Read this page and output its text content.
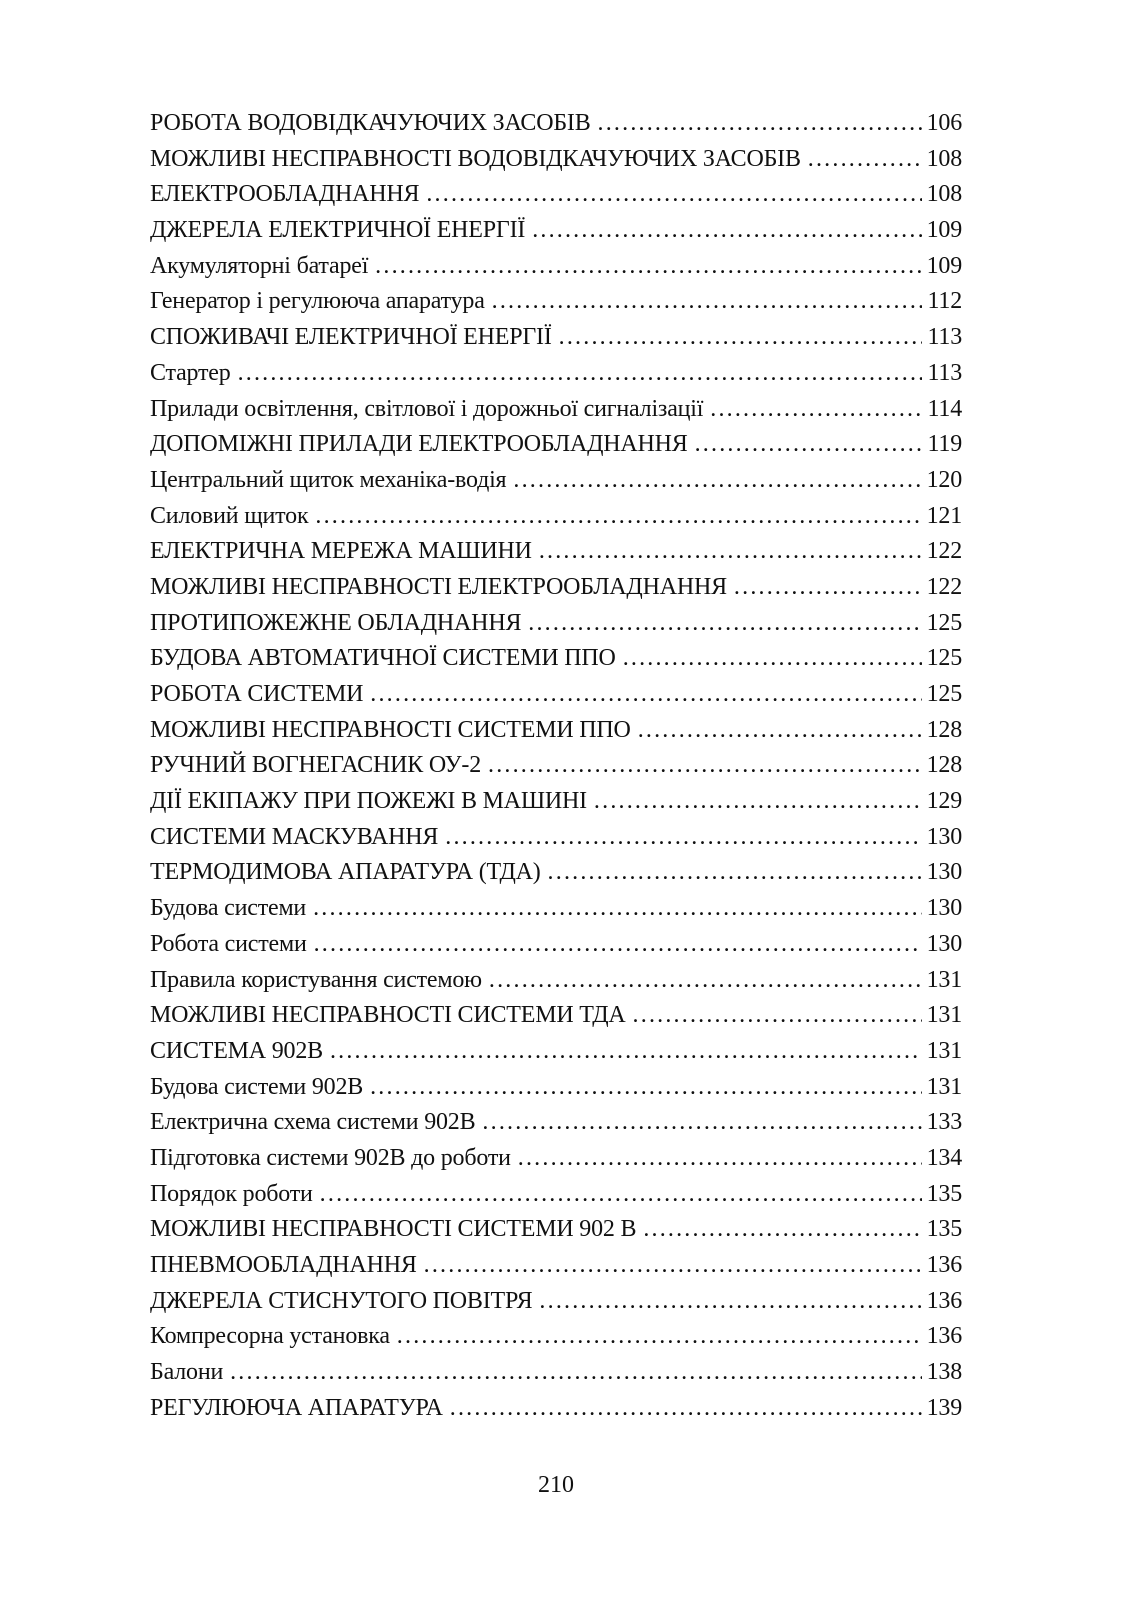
РОБОТА ВОДОВІДКАЧУЮЧИХ ЗАСОБІВ .....	106
МОЖЛИВІ НЕСПРАВНОСТІ ВОДОВІДКАЧУЮЧИХ ЗАСОБІВ .....	108
ЕЛЕКТРООБЛАДНАННЯ .....	108
ДЖЕРЕЛА ЕЛЕКТРИЧНОЇ ЕНЕРГІЇ .....	109
Акумуляторні батареї .....	109
Генератор і регулююча апаратура .....	112
СПОЖИВАЧІ ЕЛЕКТРИЧНОЇ ЕНЕРГІЇ .....	113
Стартер .....	113
Прилади освітлення, світлової і дорожньої сигналізації .....	114
ДОПОМІЖНІ ПРИЛАДИ ЕЛЕКТРООБЛАДНАННЯ .....	119
Центральний щиток механіка-водія .....	120
Силовий щиток .....	121
ЕЛЕКТРИЧНА МЕРЕЖА МАШИНИ .....	122
МОЖЛИВІ НЕСПРАВНОСТІ ЕЛЕКТРООБЛАДНАННЯ .....	122
ПРОТИПОЖЕЖНЕ ОБЛАДНАННЯ .....	125
БУДОВА АВТОМАТИЧНОЇ СИСТЕМИ ППО .....	125
РОБОТА СИСТЕМИ .....	125
МОЖЛИВІ НЕСПРАВНОСТІ СИСТЕМИ ППО .....	128
РУЧНИЙ ВОГНЕГАСНИК ОУ-2 .....	128
ДІЇ ЕКІПАЖУ ПРИ ПОЖЕЖІ В МАШИНІ .....	129
СИСТЕМИ МАСКУВАННЯ .....	130
ТЕРМОДИМОВА АПАРАТУРА (ТДА) .....	130
Будова системи .....	130
Робота системи .....	130
Правила користування системою .....	131
МОЖЛИВІ НЕСПРАВНОСТІ СИСТЕМИ ТДА .....	131
СИСТЕМА 902В .....	131
Будова системи 902В .....	131
Електрична схема системи 902В .....	133
Підготовка системи 902В до роботи .....	134
Порядок роботи .....	135
МОЖЛИВІ НЕСПРАВНОСТІ СИСТЕМИ 902 В .....	135
ПНЕВМООБЛАДНАННЯ .....	136
ДЖЕРЕЛА СТИСНУТОГО ПОВІТРЯ .....	136
Компресорна установка .....	136
Балони .....	138
РЕГУЛЮЮЧА АПАРАТУРА .....	139
210
